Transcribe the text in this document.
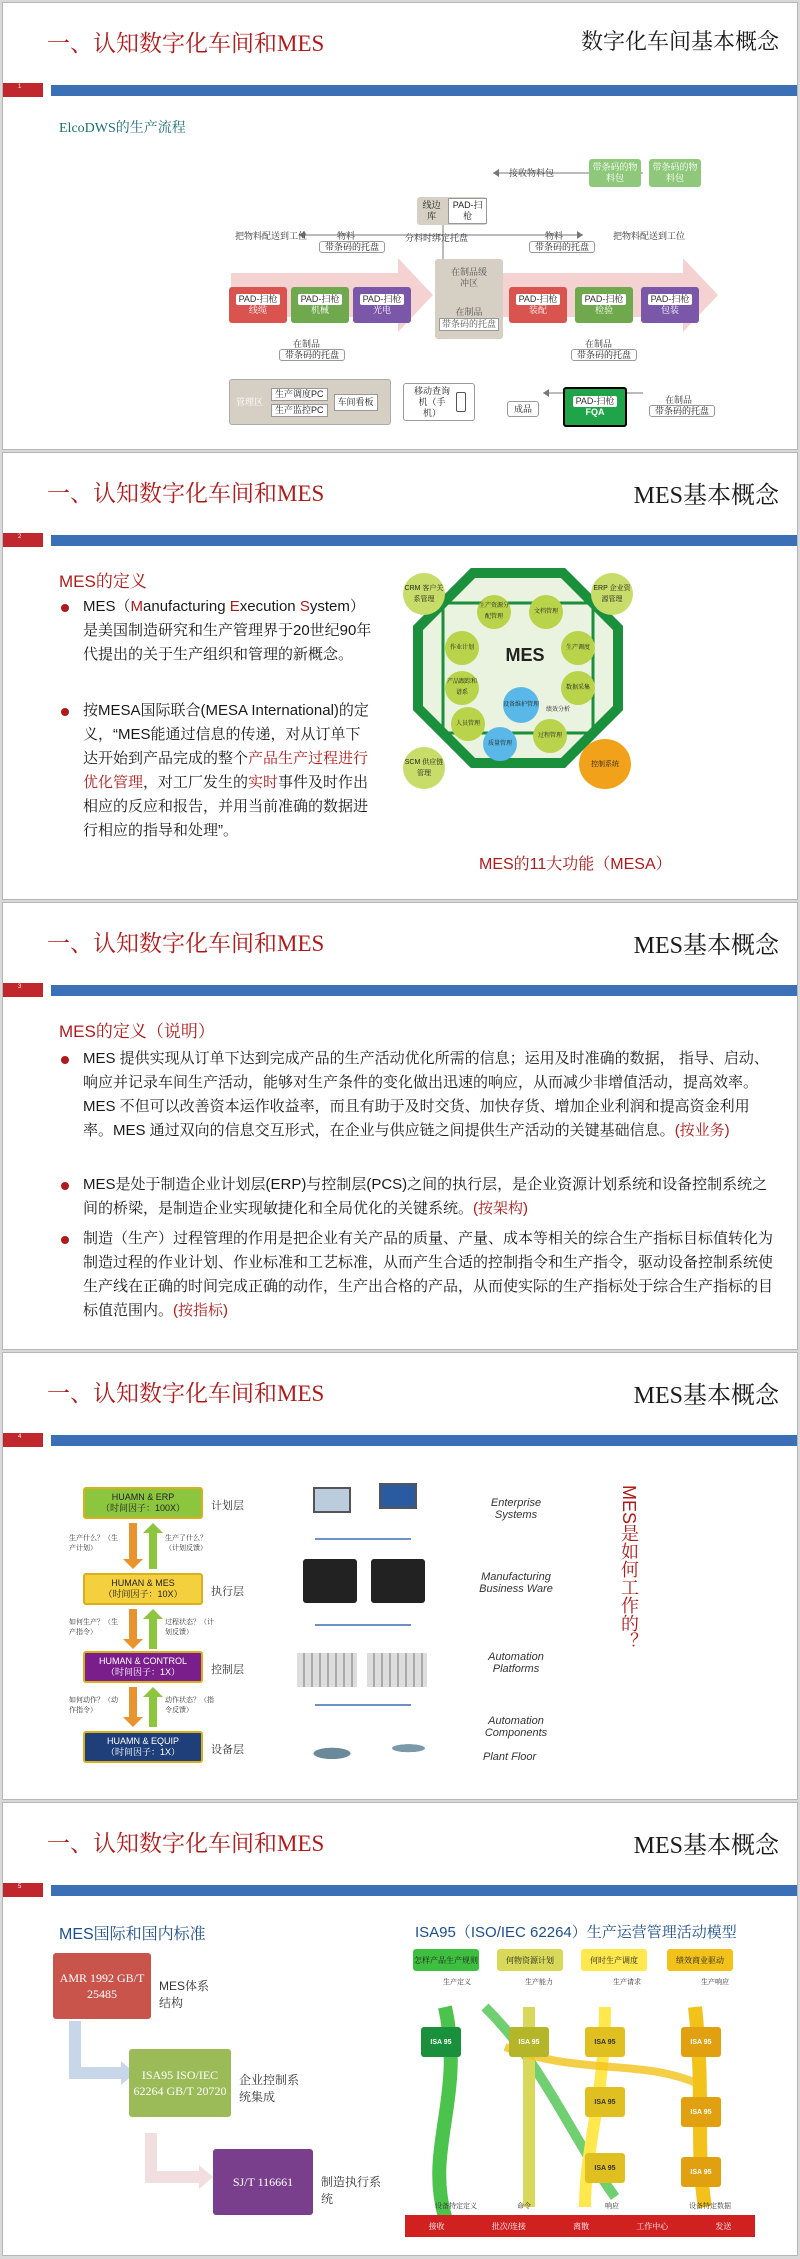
一、认知数字化车间和MES	数字化车间基本概念
1
ElcoDWS的生产流程
接收物料包
带条码的物料包
带条码的物料包
线边库
PAD-扫枪
分料时绑定托盘
把物料配送到工位	物料
带条码的托盘
物料
带条码的托盘
把物料配送到工位
PAD-扫枪
线缆
PAD-扫枪
机械
PAD-扫枪
光电
在制品缓冲区
在制品
带条码的托盘
PAD-扫枪
装配
PAD-扫枪
检验
PAD-扫枪
包装
在制品
带条码的托盘
在制品
带条码的托盘
管理区
生产调度PC
生产监控PC
车间看板
移动查询机（手机）	成品
PAD-扫枪
FQA
在制品
带条码的托盘
一、认知数字化车间和MES	MES基本概念
2
MES的定义
MES（Manufacturing Execution System）是美国制造研究和生产管理界于20世纪90年代提出的关于生产组织和管理的新概念。
按MESA国际联合(MESA International)的定义，“MES能通过信息的传递，对从订单下达开始到产品完成的整个产品生产过程进行优化管理，对工厂发生的实时事件及时作出相应的反应和报告，并用当前准确的数据进行相应的指导和处理”。
CRM 客户关系管理
ERP 企业资源管理
SCM 供应链管理
控制系统
MES
生产资源分配管理
文档管理
作业计划	生产调度
产品跟踪和谱系
数据采集
人员管理
设备维护管理
质量管理
过程管理
绩效分析
MES的11大功能（MESA）
一、认知数字化车间和MES	MES基本概念
3
MES的定义（说明）
MES 提供实现从订单下达到完成产品的生产活动优化所需的信息；运用及时准确的数据， 指导、启动、响应并记录车间生产活动，能够对生产条件的变化做出迅速的响应，从而减少非增值活动，提高效率。 MES 不但可以改善资本运作收益率，而且有助于及时交货、加快存货、增加企业利润和提高资金利用率。MES 通过双向的信息交互形式，在企业与供应链之间提供生产活动的关键基础信息。(按业务)
MES是处于制造企业计划层(ERP)与控制层(PCS)之间的执行层，是企业资源计划系统和设备控制系统之间的桥梁，是制造企业实现敏捷化和全局优化的关键系统。(按架构)
制造（生产）过程管理的作用是把企业有关产品的质量、产量、成本等相关的综合生产指标目标值转化为制造过程的作业计划、作业标准和工艺标准，从而产生合适的控制指令和生产指令，驱动设备控制系统使生产线在正确的时间完成正确的动作，生产出合格的产品，从而使实际的生产指标处于综合生产指标的目标值范围内。(按指标)
一、认知数字化车间和MES	MES基本概念
4
HUAMN & ERP
（时间因子：100X） 计划层
HUMAN & MES
（时间因子：10X）	执行层
HUMAN & CONTROL
（时间因子：1X）	控制层
HUAMN & EQUIP
（时间因子：1X）	设备层
生产什么？（生产计划）
生产了什么？（计划反馈）
如何生产？（生产指令）
过程状态？（计划反馈）
如何动作？（动作指令）
动作状态？（指令反馈）
Enterprise Systems
Manufacturing Business Ware
Automation Platforms
Automation Components
Plant Floor
MES是如何工作的？
一、认知数字化车间和MES	MES基本概念
5
MES国际和国内标准
AMR 1992 GB/T 25485
MES体系结构
ISA95 ISO/IEC 62264 GB/T 20720
企业控制系统集成
SJ/T 116661	制造执行系统
ISA95（ISO/IEC 62264）生产运营管理活动模型
怎样产品生产规则	何物资源计划	何时生产调度	绩效商业驱动
生产定义	生产能力	生产请求	生产响应
ISA 95	ISA 95	ISA 95	ISA 95
ISA 95
ISA 95
ISA 95
ISA 95
设备特定定义	命令	响应	设备特定数据
接收	批次/连接	离散	工作中心	发送
